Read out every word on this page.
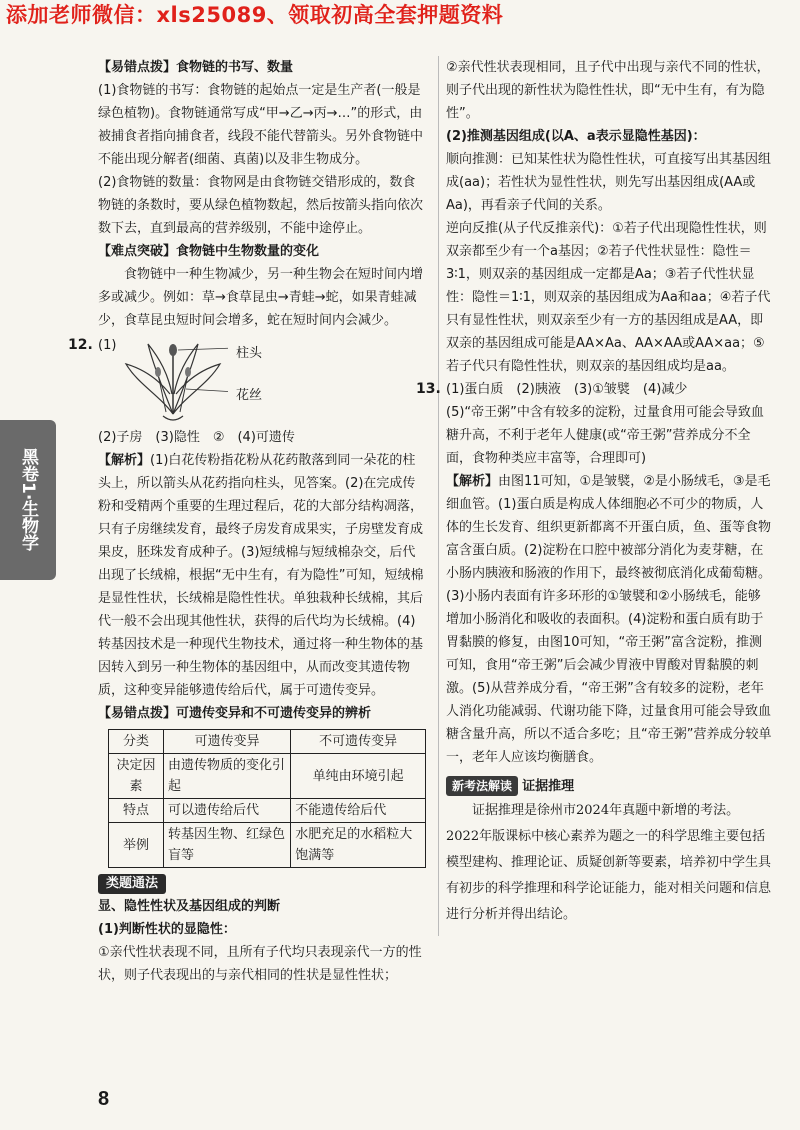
添加老师微信：xls25089、领取初高全套押题资料
黑卷1·生物学

【易错点拨】食物链的书写、数量

(1)食物链的书写：食物链的起始点一定是生产者(一般是绿色植物)。食物链通常写成“甲→乙→丙→…”的形式，由被捕食者指向捕食者，线段不能代替箭头。另外食物链中不能出现分解者(细菌、真菌)以及非生物成分。

(2)食物链的数量：食物网是由食物链交错形成的，数食物链的条数时，要从绿色植物数起，然后按箭头指向依次数下去，直到最高的营养级别，不能中途停止。

【难点突破】食物链中生物数量的变化

食物链中一种生物减少，另一种生物会在短时间内增多或减少。例如：草→食草昆虫→青蛙→蛇，如果青蛙减少，食草昆虫短时间会增多，蛇在短时间内会减少。

12. (1)
柱头
花丝

(2)子房　(3)隐性　②　(4)可遗传

【解析】(1)白花传粉指花粉从花药散落到同一朵花的柱头上，所以箭头从花药指向柱头，见答案。(2)在完成传粉和受精两个重要的生理过程后，花的大部分结构凋落，只有子房继续发育，最终子房发育成果实，子房壁发育成果皮，胚珠发育成种子。(3)短绒棉与短绒棉杂交，后代出现了长绒棉，根据“无中生有，有为隐性”可知，短绒棉是显性性状，长绒棉是隐性性状。单独栽种长绒棉，其后代一般不会出现其他性状，获得的后代均为长绒棉。(4)转基因技术是一种现代生物技术，通过将一种生物体的基因转入到另一种生物体的基因组中，从而改变其遗传物质，这种变异能够遗传给后代，属于可遗传变异。

【易错点拨】可遗传变异和不可遗传变异的辨析

分类	可遗传变异	不可遗传变异
决定因素	由遗传物质的变化引起	单纯由环境引起
特点	可以遗传给后代	不能遗传给后代
举例	转基因生物、红绿色盲等	水肥充足的水稻粒大饱满等

类题通法

显、隐性性状及基因组成的判断

(1)判断性状的显隐性：

①亲代性状表现不同，且所有子代均只表现亲代一方的性状，则子代表现出的与亲代相同的性状是显性性状；

②亲代性状表现相同，且子代中出现与亲代不同的性状，则子代出现的新性状为隐性性状，即“无中生有，有为隐性”。

(2)推测基因组成(以A、a表示显隐性基因)：

顺向推测：已知某性状为隐性性状，可直接写出其基因组成(aa)；若性状为显性性状，则先写出基因组成(AA或Aa)，再看亲子代间的关系。

逆向反推(从子代反推亲代)：①若子代出现隐性性状，则双亲都至少有一个a基因；②若子代性状显性：隐性＝3∶1，则双亲的基因组成一定都是Aa；③若子代性状显性：隐性＝1∶1，则双亲的基因组成为Aa和aa；④若子代只有显性性状，则双亲至少有一方的基因组成是AA，即双亲的基因组成可能是AA×Aa、AA×AA或AA×aa；⑤若子代只有隐性性状，则双亲的基因组成均是aa。

13. (1)蛋白质　(2)胰液　(3)①皱襞　(4)减少

(5)“帝王粥”中含有较多的淀粉，过量食用可能会导致血糖升高，不利于老年人健康(或“帝王粥”营养成分不全面，食物种类应丰富等，合理即可)

【解析】由图11可知，①是皱襞，②是小肠绒毛，③是毛细血管。(1)蛋白质是构成人体细胞必不可少的物质，人体的生长发育、组织更新都离不开蛋白质，鱼、蛋等食物富含蛋白质。(2)淀粉在口腔中被部分消化为麦芽糖，在小肠内胰液和肠液的作用下，最终被彻底消化成葡萄糖。(3)小肠内表面有许多环形的①皱襞和②小肠绒毛，能够增加小肠消化和吸收的表面积。(4)淀粉和蛋白质有助于胃黏膜的修复，由图10可知，“帝王粥”富含淀粉，推测可知，食用“帝王粥”后会减少胃液中胃酸对胃黏膜的刺激。(5)从营养成分看，“帝王粥”含有较多的淀粉，老年人消化功能减弱、代谢功能下降，过量食用可能会导致血糖含量升高，所以不适合多吃；且“帝王粥”营养成分较单一，老年人应该均衡膳食。

新考法解读 证据推理

证据推理是徐州市2024年真题中新增的考法。2022年版课标中核心素养为题之一的科学思维主要包括模型建构、推理论证、质疑创新等要素，培养初中学生具有初步的科学推理和科学论证能力，能对相关问题和信息进行分析并得出结论。

8
